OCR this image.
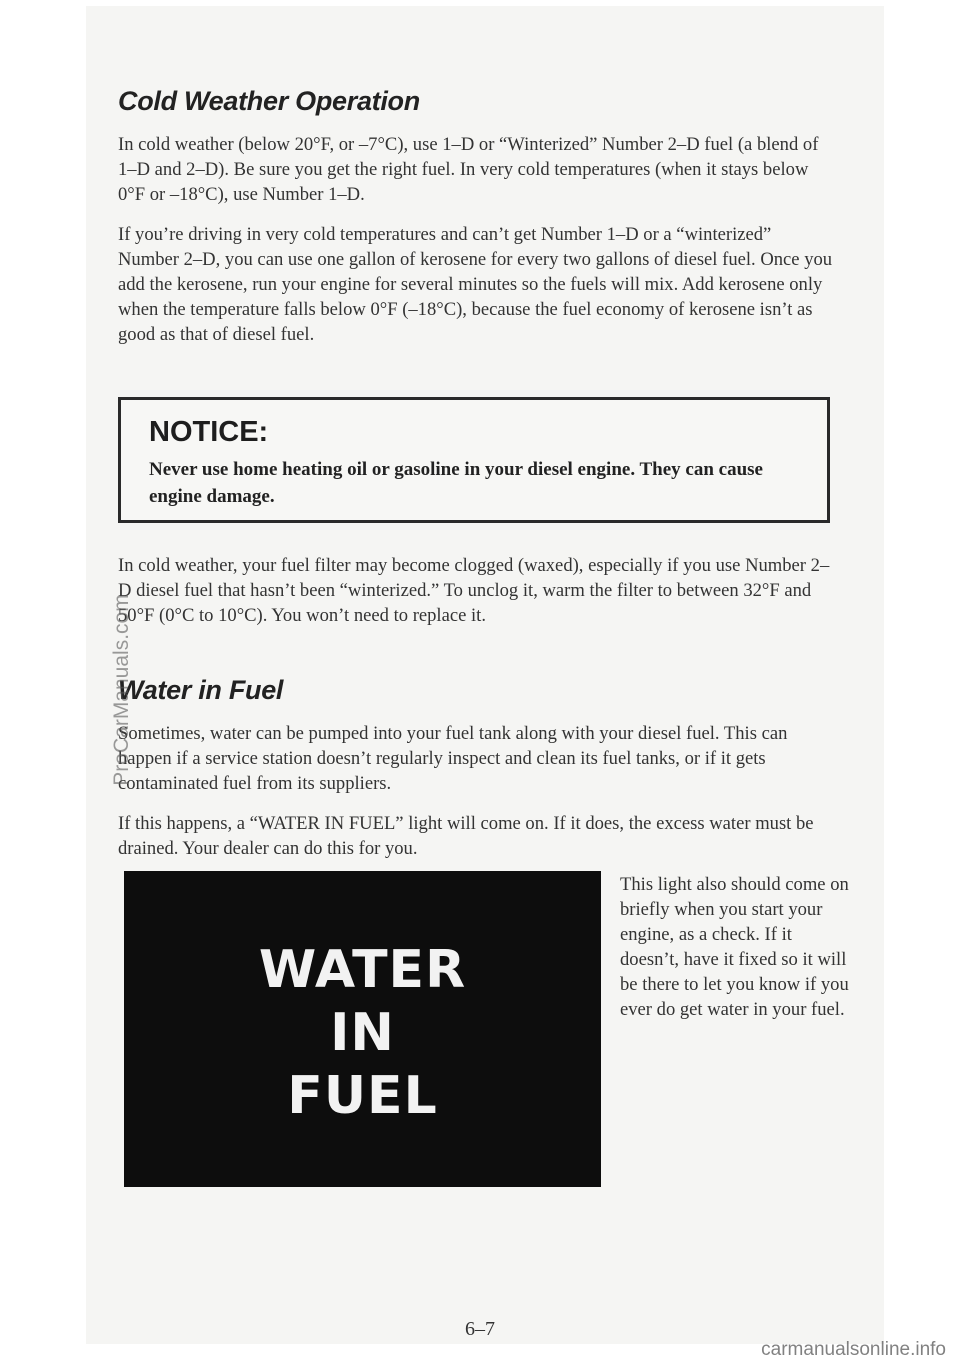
Cold Weather Operation

In cold weather (below 20°F, or –7°C), use 1–D or “Winterized” Number 2–D fuel (a blend of 1–D and 2–D). Be sure you get the right fuel. In very cold temperatures (when it stays below 0°F or –18°C), use Number 1–D.

If you’re driving in very cold temperatures and can’t get Number 1–D or a “winterized” Number 2–D, you can use one gallon of kerosene for every two gallons of diesel fuel. Once you add the kerosene, run your engine for several minutes so the fuels will mix. Add kerosene only when the temperature falls below 0°F (–18°C), because the fuel economy of kerosene isn’t as good as that of diesel fuel.

NOTICE:
Never use home heating oil or gasoline in your diesel engine. They can cause engine damage.

In cold weather, your fuel filter may become clogged (waxed), especially if you use Number 2–D diesel fuel that hasn’t been “winterized.” To unclog it, warm the filter to between 32°F and 50°F (0°C to 10°C). You won’t need to replace it.

Water in Fuel

Sometimes, water can be pumped into your fuel tank along with your diesel fuel. This can happen if a service station doesn’t regularly inspect and clean its fuel tanks, or if it gets contaminated fuel from its suppliers.

If this happens, a “WATER IN FUEL” light will come on. If it does, the excess water must be drained. Your dealer can do this for you.

WATER
IN
FUEL

This light also should come on briefly when you start your engine, as a check. If it doesn’t, have it fixed so it will be there to let you know if you ever do get water in your fuel.

6–7
ProCarManuals.com
carmanualsonline.info
